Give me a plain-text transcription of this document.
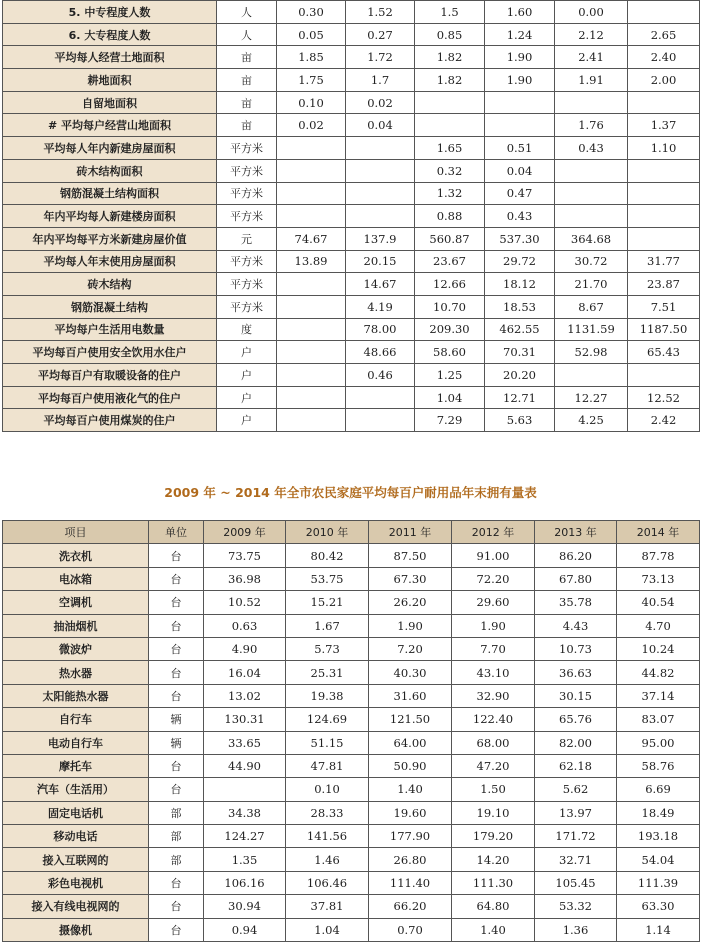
5. 中专程度人数	人	0.30	1.52	1.5	1.60	0.00	
6. 大专程度人数	人	0.05	0.27	0.85	1.24	2.12	2.65
平均每人经营土地面积	亩	1.85	1.72	1.82	1.90	2.41	2.40
耕地面积	亩	1.75	1.7	1.82	1.90	1.91	2.00
自留地面积	亩	0.10	0.02				
# 平均每户经营山地面积	亩	0.02	0.04			1.76	1.37
平均每人年内新建房屋面积	平方米			1.65	0.51	0.43	1.10
砖木结构面积	平方米			0.32	0.04		
钢筋混凝土结构面积	平方米			1.32	0.47		
年内平均每人新建楼房面积	平方米			0.88	0.43		
年内平均每平方米新建房屋价值	元	74.67	137.9	560.87	537.30	364.68	
平均每人年末使用房屋面积	平方米	13.89	20.15	23.67	29.72	30.72	31.77
砖木结构	平方米		14.67	12.66	18.12	21.70	23.87
钢筋混凝土结构	平方米		4.19	10.70	18.53	8.67	7.51
平均每户生活用电数量	度		78.00	209.30	462.55	1131.59	1187.50
平均每百户使用安全饮用水住户	户		48.66	58.60	70.31	52.98	65.43
平均每百户有取暖设备的住户	户		0.46	1.25	20.20		
平均每百户使用液化气的住户	户			1.04	12.71	12.27	12.52
平均每百户使用煤炭的住户	户			7.29	5.63	4.25	2.42
2009 年 ~ 2014 年全市农民家庭平均每百户耐用品年末拥有量表
项目	单位	2009 年	2010 年	2011 年	2012 年	2013 年	2014 年
洗衣机	台	73.75	80.42	87.50	91.00	86.20	87.78
电冰箱	台	36.98	53.75	67.30	72.20	67.80	73.13
空调机	台	10.52	15.21	26.20	29.60	35.78	40.54
抽油烟机	台	0.63	1.67	1.90	1.90	4.43	4.70
微波炉	台	4.90	5.73	7.20	7.70	10.73	10.24
热水器	台	16.04	25.31	40.30	43.10	36.63	44.82
太阳能热水器	台	13.02	19.38	31.60	32.90	30.15	37.14
自行车	辆	130.31	124.69	121.50	122.40	65.76	83.07
电动自行车	辆	33.65	51.15	64.00	68.00	82.00	95.00
摩托车	台	44.90	47.81	50.90	47.20	62.18	58.76
汽车（生活用）	台		0.10	1.40	1.50	5.62	6.69
固定电话机	部	34.38	28.33	19.60	19.10	13.97	18.49
移动电话	部	124.27	141.56	177.90	179.20	171.72	193.18
接入互联网的	部	1.35	1.46	26.80	14.20	32.71	54.04
彩色电视机	台	106.16	106.46	111.40	111.30	105.45	111.39
接入有线电视网的	台	30.94	37.81	66.20	64.80	53.32	63.30
摄像机	台	0.94	1.04	0.70	1.40	1.36	1.14
